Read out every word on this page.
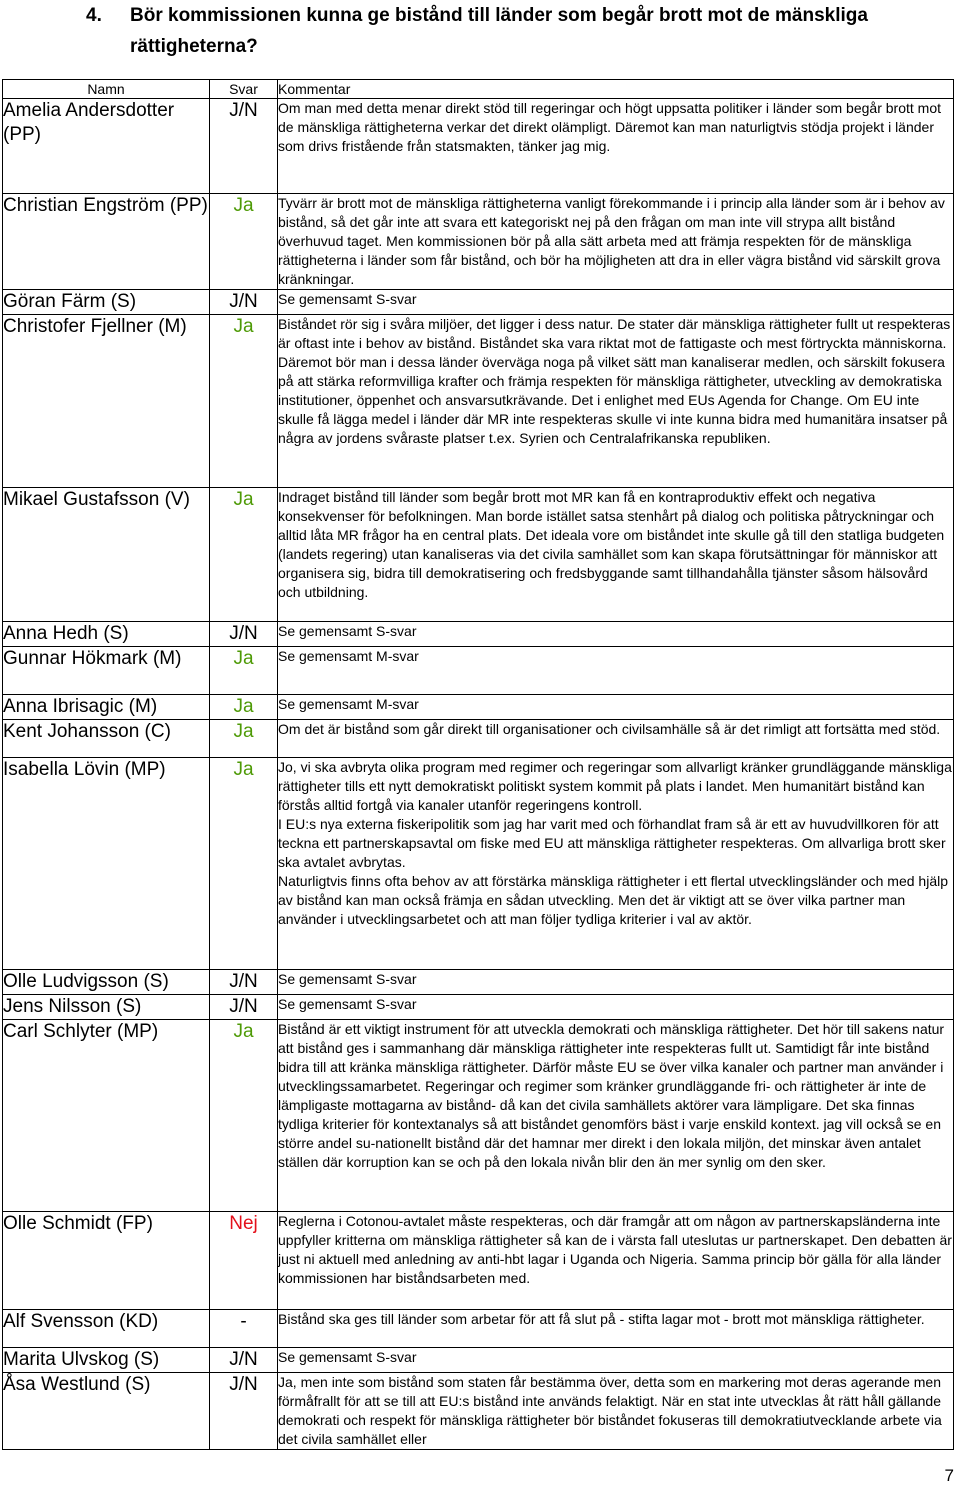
4.	Bör kommissionen kunna ge bistånd till länder som begår brott mot de mänskliga
rättigheterna?
Namn	Svar	Kommentar
Amelia Andersdotter (PP)	J/N	Om man med detta menar direkt stöd till regeringar och högt uppsatta politiker i länder som begår brott mot de mänskliga rättigheterna verkar det direkt olämpligt. Däremot kan man naturligtvis stödja projekt i länder som drivs fristående från statsmakten, tänker jag mig.
Christian Engström (PP)	Ja	Tyvärr är brott mot de mänskliga rättigheterna vanligt förekommande i i princip alla länder som är i behov av bistånd, så det går inte att svara ett kategoriskt nej på den frågan om man inte vill strypa allt bistånd överhuvud taget. Men kommissionen bör på alla sätt arbeta med att främja respekten för de mänskliga rättigheterna i länder som får bistånd, och bör ha möjligheten att dra in eller vägra bistånd vid särskilt grova kränkningar.
Göran Färm (S)	J/N	Se gemensamt S-svar
Christofer Fjellner (M)	Ja	Biståndet rör sig i svåra miljöer, det ligger i dess natur. De stater där mänskliga rättigheter fullt ut respekteras är oftast inte i behov av bistånd. Biståndet ska vara riktat mot de fattigaste och mest förtryckta människorna. Däremot bör man i dessa länder överväga noga på vilket sätt man kanaliserar medlen, och särskilt fokusera på att stärka reformvilliga krafter och främja respekten för mänskliga rättigheter, utveckling av demokratiska institutioner, öppenhet och ansvarsutkrävande. Det i enlighet med EUs Agenda for Change. Om EU inte skulle få lägga medel i länder där MR inte respekteras skulle vi inte kunna bidra med humanitära insatser på några av jordens svåraste platser t.ex. Syrien och Centralafrikanska republiken.
Mikael Gustafsson (V)	Ja	Indraget bistånd till länder som begår brott mot MR kan få en kontraproduktiv effekt och negativa konsekvenser för befolkningen. Man borde istället satsa stenhårt på dialog och politiska påtryckningar och alltid låta MR frågor ha en central plats. Det ideala vore om biståndet inte skulle gå till den statliga budgeten (landets regering) utan kanaliseras via det civila samhället som kan skapa förutsättningar för människor att organisera sig, bidra till demokratisering och fredsbyggande samt tillhandahålla tjänster såsom hälsovård och utbildning.
Anna Hedh (S)	J/N	Se gemensamt S-svar
Gunnar Hökmark (M)	Ja	Se gemensamt M-svar
Anna Ibrisagic (M)	Ja	Se gemensamt M-svar
Kent Johansson (C)	Ja	Om det är bistånd som går direkt till organisationer och civilsamhälle så är det rimligt att fortsätta med stöd.
Isabella Lövin (MP)	Ja	Jo, vi ska avbryta olika program med regimer och regeringar som allvarligt kränker grundläggande mänskliga rättigheter tills ett nytt demokratiskt politiskt system kommit på plats i landet. Men humanitärt bistånd kan förstås alltid fortgå via kanaler utanför regeringens kontroll.
I EU:s nya externa fiskeripolitik som jag har varit med och förhandlat fram så är ett av huvudvillkoren för att teckna ett partnerskapsavtal om fiske med EU att mänskliga rättigheter respekteras. Om allvarliga brott sker ska avtalet avbrytas.
Naturligtvis finns ofta behov av att förstärka mänskliga rättigheter i ett flertal utvecklingsländer och med hjälp av bistånd kan man också främja en sådan utveckling. Men det är viktigt att se över vilka partner man använder i utvecklingsarbetet och att man följer tydliga kriterier i val av aktör.
Olle Ludvigsson (S)	J/N	Se gemensamt S-svar
Jens Nilsson (S)	J/N	Se gemensamt S-svar
Carl Schlyter (MP)	Ja	Bistånd är ett viktigt instrument för att utveckla demokrati och mänskliga rättigheter. Det hör till sakens natur att bistånd ges i sammanhang där mänskliga rättigheter inte respekteras fullt ut. Samtidigt får inte bistånd bidra till att kränka mänskliga rättigheter. Därför måste EU se över vilka kanaler och partner man använder i utvecklingssamarbetet. Regeringar och regimer som kränker grundläggande fri- och rättigheter är inte de lämpligaste mottagarna av bistånd- då kan det civila samhällets aktörer vara lämpligare. Det ska finnas tydliga kriterier för kontextanalys så att biståndet genomförs bäst i varje enskild kontext. jag vill också se en större andel su-nationellt bistånd där det hamnar mer direkt i den lokala miljön, det minskar även antalet ställen där korruption kan se och på den lokala nivån blir den än mer synlig om den sker.
Olle Schmidt (FP)	Nej	Reglerna i Cotonou-avtalet måste respekteras, och där framgår att om någon av partnerskapsländerna inte uppfyller kritterna om mänskliga rättigheter så kan de i värsta fall uteslutas ur partnerskapet. Den debatten är just ni aktuell med anledning av anti-hbt lagar i Uganda och Nigeria. Samma princip bör gälla för alla länder kommissionen har biståndsarbeten med.
Alf Svensson (KD)	-	Bistånd ska ges till länder som arbetar för att få slut på - stifta lagar mot - brott mot mänskliga rättigheter.
Marita Ulvskog (S)	J/N	Se gemensamt S-svar
Åsa Westlund (S)	J/N	Ja, men inte som bistånd som staten får bestämma över, detta som en markering mot deras agerande men förmåfrallt för att se till att EU:s bistånd inte används felaktigt. När en stat inte utvecklas åt rätt håll gällande demokrati och respekt för mänskliga rättigheter bör biståndet fokuseras till demokratiutvecklande arbete via det civila samhället eller
7
